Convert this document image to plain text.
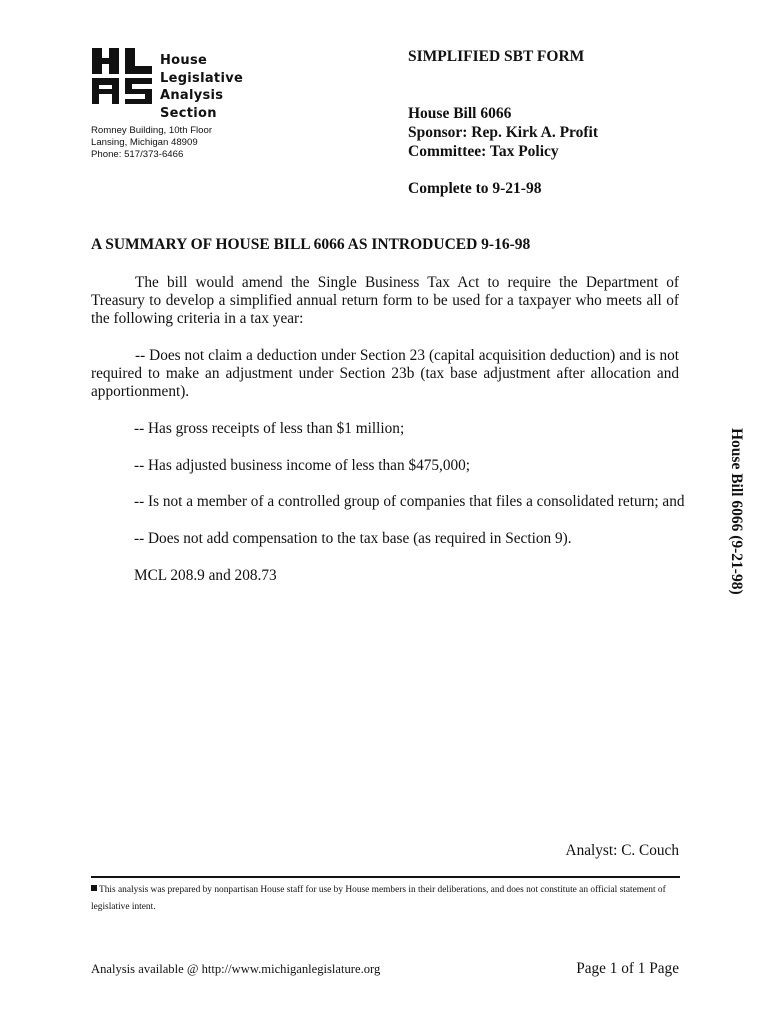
House
Legislative
Analysis
Section
Romney Building, 10th Floor
Lansing, Michigan 48909
Phone: 517/373-6466
SIMPLIFIED SBT FORM
House Bill 6066
Sponsor: Rep. Kirk A. Profit
Committee: Tax Policy
Complete to 9-21-98
A SUMMARY OF HOUSE BILL 6066 AS INTRODUCED 9-16-98
The bill would amend the Single Business Tax Act to require the Department of Treasury to develop a simplified annual return form to be used for a taxpayer who meets all of the following criteria in a tax year:
-- Does not claim a deduction under Section 23 (capital acquisition deduction) and is not required to make an adjustment under Section 23b (tax base adjustment after allocation and apportionment).
-- Has gross receipts of less than $1 million;
-- Has adjusted business income of less than $475,000;
-- Is not a member of a controlled group of companies that files a consolidated return; and
-- Does not add compensation to the tax base (as required in Section 9).
MCL 208.9 and 208.73	House Bill 6066 (9-21-98)
Analyst: C. Couch
This analysis was prepared by nonpartisan House staff for use by House members in their deliberations, and does not constitute an official statement of legislative intent.
Analysis available @ http://www.michiganlegislature.org	Page 1 of 1 Page
